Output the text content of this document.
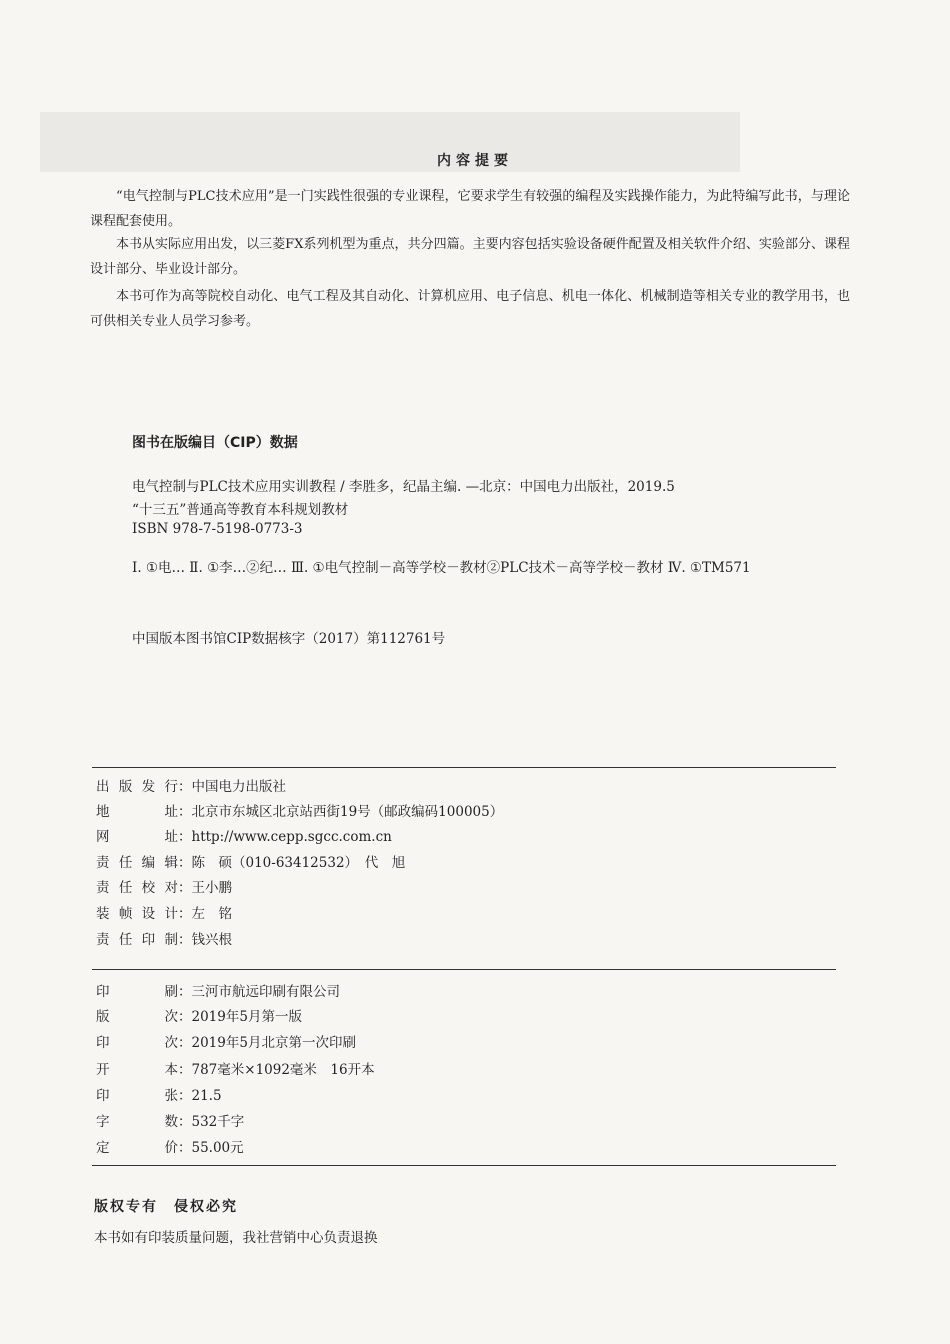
内容提要
“电气控制与PLC技术应用”是一门实践性很强的专业课程，它要求学生有较强的编程及实践操作能力，为此特编写此书，与理论课程配套使用。
本书从实际应用出发，以三菱FX系列机型为重点，共分四篇。主要内容包括实验设备硬件配置及相关软件介绍、实验部分、课程设计部分、毕业设计部分。
本书可作为高等院校自动化、电气工程及其自动化、计算机应用、电子信息、机电一体化、机械制造等相关专业的教学用书，也可供相关专业人员学习参考。
图书在版编目（CIP）数据
电气控制与PLC技术应用实训教程 / 李胜多，纪晶主编. —北京：中国电力出版社，2019.5
“十三五”普通高等教育本科规划教材
ISBN 978-7-5198-0773-3
Ⅰ. ①电… Ⅱ. ①李…②纪… Ⅲ. ①电气控制－高等学校－教材②PLC技术－高等学校－教材 Ⅳ. ①TM571
中国版本图书馆CIP数据核字（2017）第112761号
出版发行：中国电力出版社
地址：北京市东城区北京站西街19号（邮政编码100005）
网址：http://www.cepp.sgcc.com.cn
责任编辑：陈　硕（010-63412532）　代　旭
责任校对：王小鹏
装帧设计：左　铭
责任印制：钱兴根
印刷：三河市航远印刷有限公司
版次：2019年5月第一版
印次：2019年5月北京第一次印刷
开本：787毫米×1092毫米　16开本
印张：21.5
字数：532千字
定价：55.00元
版权专有　侵权必究
本书如有印装质量问题，我社营销中心负责退换
